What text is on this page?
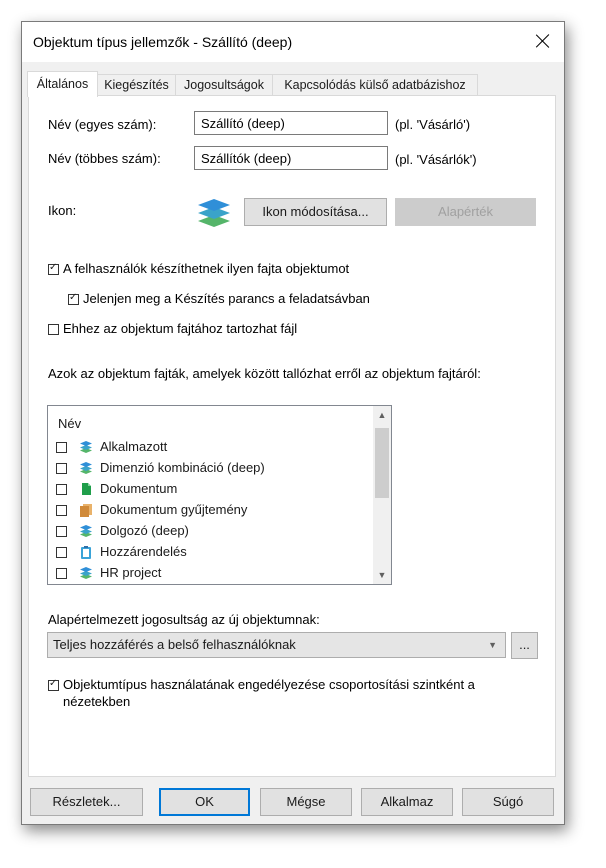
Objektum típus jellemzők - Szállító (deep)
Általános	Kiegészítés	Jogosultságok	Kapcsolódás külső adatbázishoz
Név (egyes szám):
Szállító (deep)	(pl. 'Vásárló')
Név (többes szám):
Szállítók (deep)	(pl. 'Vásárlók')
Ikon:	Ikon módosítása...	Alapérték
✓
A felhasználók készíthetnek ilyen fajta objektumot
✓
Jelenjen meg a Készítés parancs a feladatsávban
Ehhez az objektum fajtához tartozhat fájl
Azok az objektum fajták, amelyek között tallózhat erről az objektum fajtáról:
Név
Alkalmazott
Dimenzió kombináció (deep)
Dokumentum
Dokumentum gyűjtemény
Dolgozó (deep)
Hozzárendelés
HR project
▲
▼
Alapértelmezett jogosultság az új objektumnak:
Teljes hozzáférés a belső felhasználóknak	▼	...
✓
Objektumtípus használatának engedélyezése csoportosítási szintként a nézetekben
Részletek...	OK	Mégse	Alkalmaz	Súgó
